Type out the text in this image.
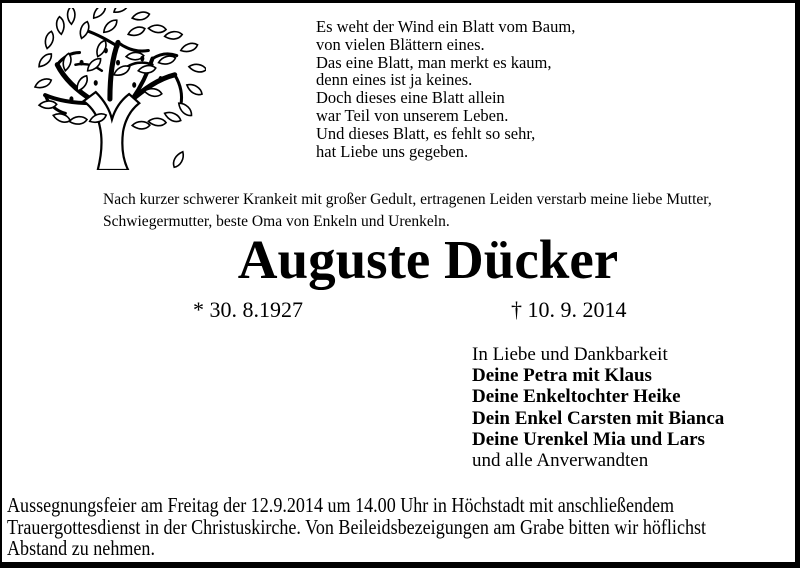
Es weht der Wind ein Blatt vom Baum,
von vielen Blättern eines.
Das eine Blatt, man merkt es kaum,
denn eines ist ja keines.
Doch dieses eine Blatt allein
war Teil von unserem Leben.
Und dieses Blatt, es fehlt so sehr,
hat Liebe uns gegeben.
Nach kurzer schwerer Krankeit mit großer Gedult, ertragenen Leiden verstarb meine liebe Mutter,
Schwiegermutter, beste Oma von Enkeln und Urenkeln.
Auguste Dücker
* 30. 8.1927	† 10. 9. 2014
In Liebe und Dankbarkeit
Deine Petra mit Klaus
Deine Enkeltochter Heike
Dein Enkel Carsten mit Bianca
Deine Urenkel Mia und Lars
und alle Anverwandten
Aussegnungsfeier am Freitag der 12.9.2014 um 14.00 Uhr in Höchstadt mit anschließendem
Trauergottesdienst in der Christuskirche. Von Beileidsbezeigungen am Grabe bitten wir höflichst
Abstand zu nehmen.
